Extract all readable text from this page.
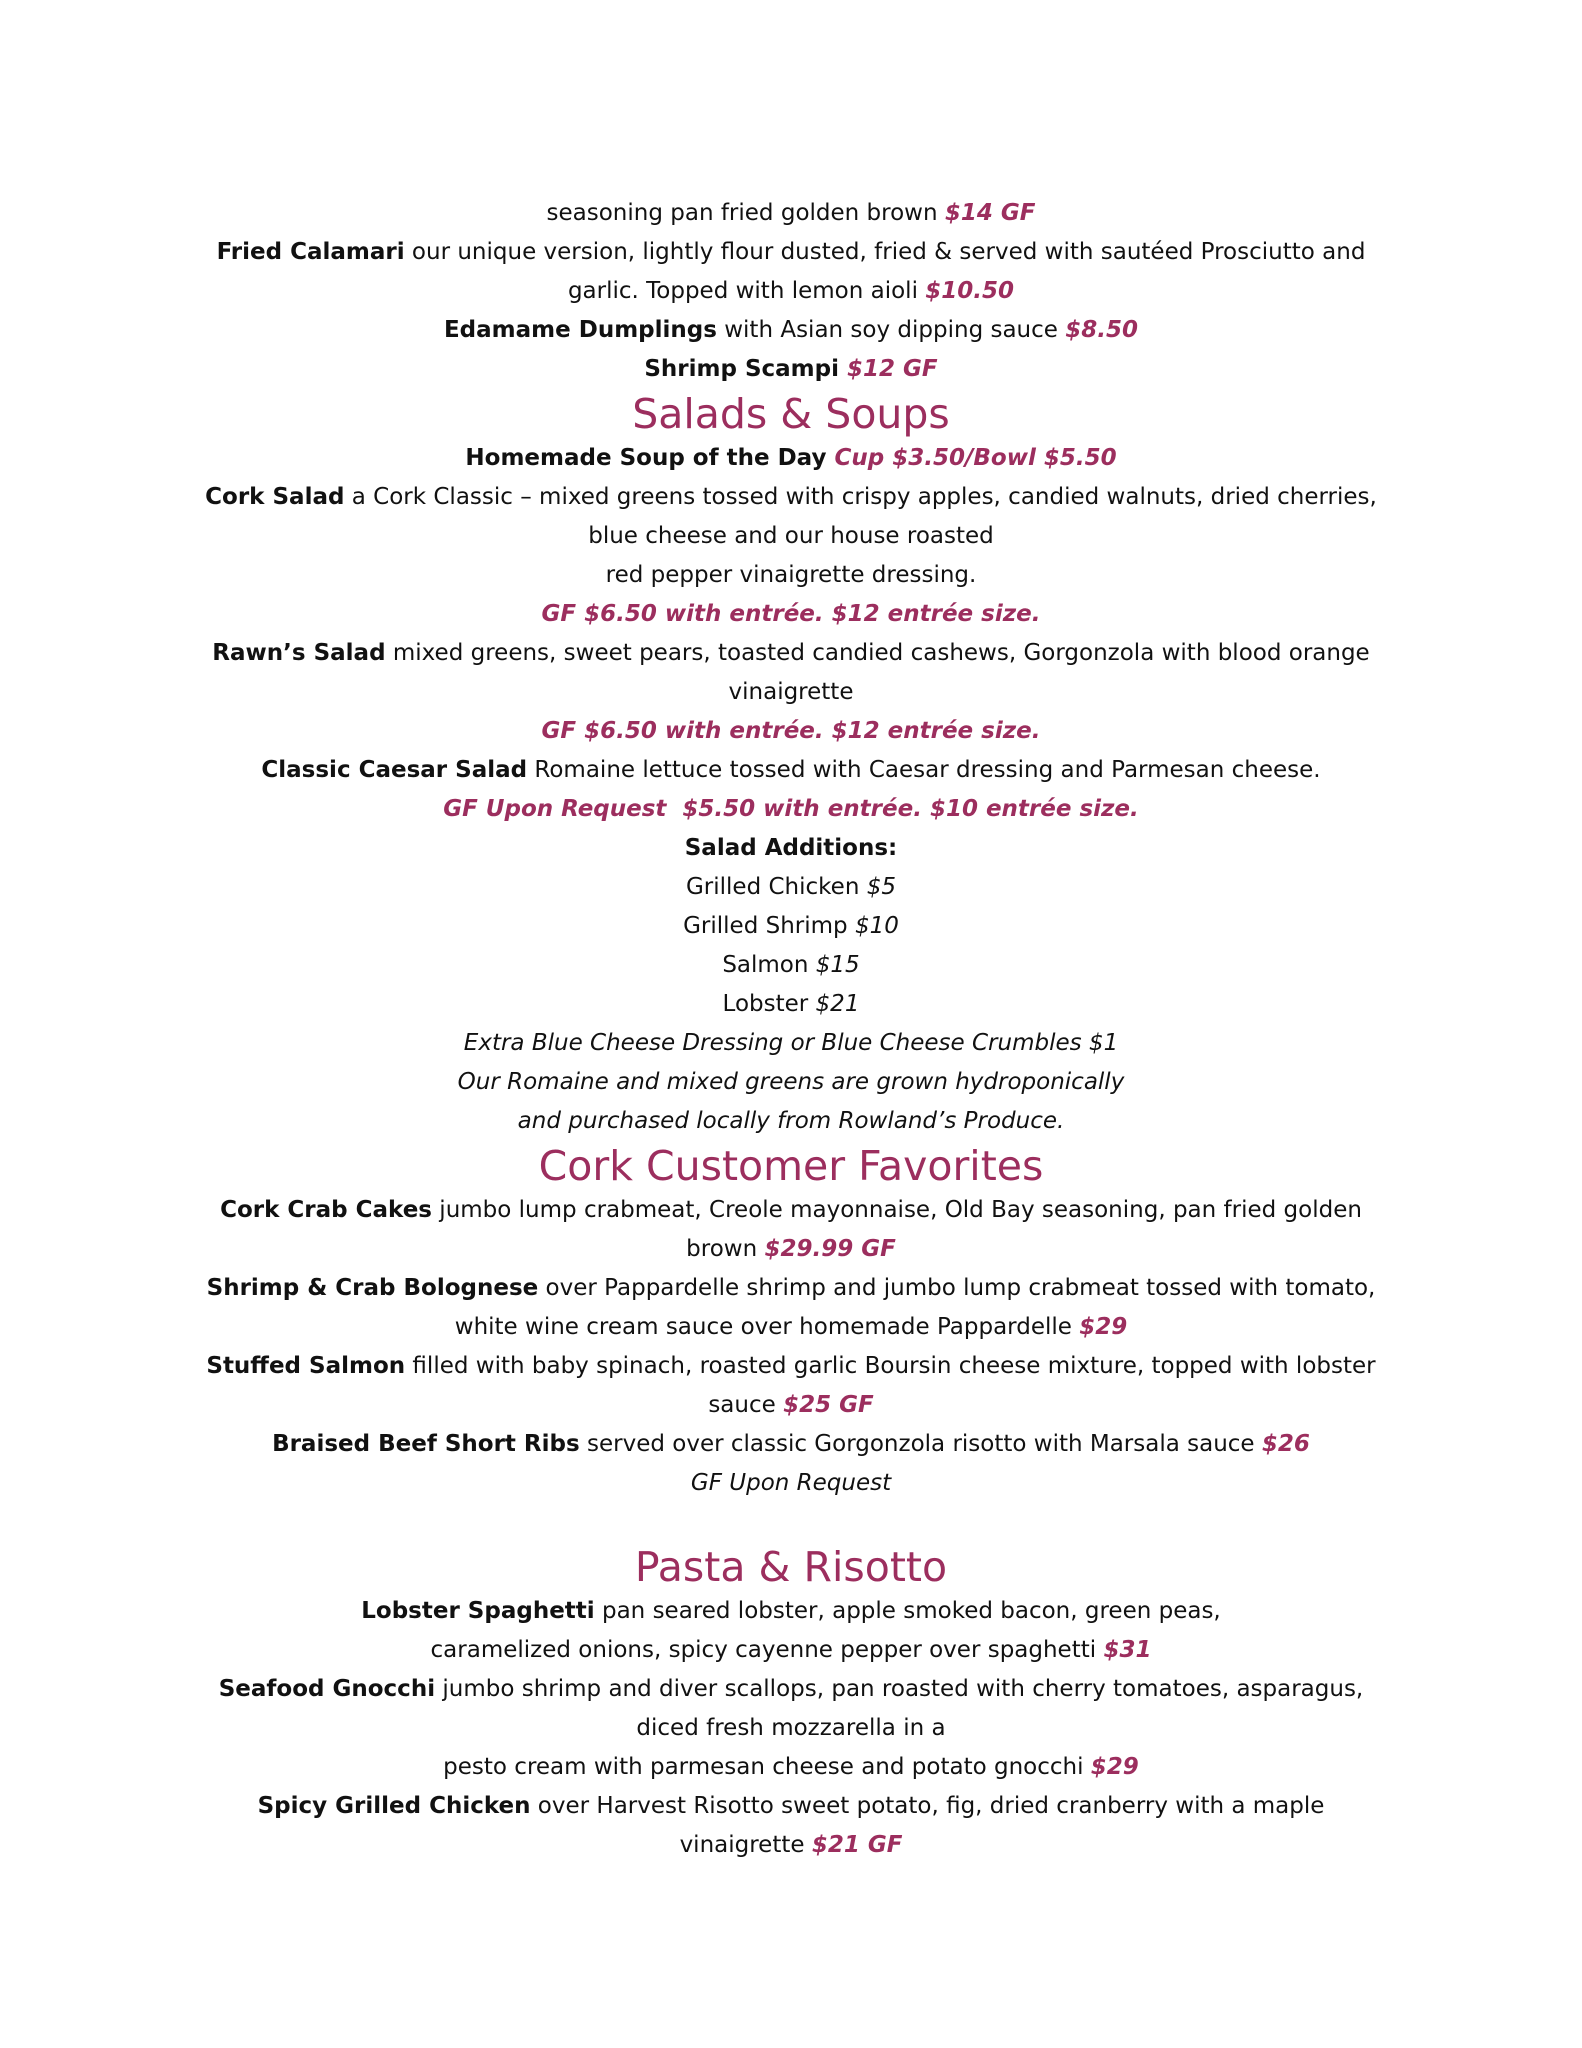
seasoning pan fried golden brown $14 GF
Fried Calamari our unique version, lightly flour dusted, fried & served with sautéed Prosciutto and
garlic. Topped with lemon aioli $10.50
Edamame Dumplings with Asian soy dipping sauce $8.50
Shrimp Scampi $12 GF
Salads & Soups
Homemade Soup of the Day Cup $3.50/Bowl $5.50
Cork Salad a Cork Classic – mixed greens tossed with crispy apples, candied walnuts, dried cherries,
blue cheese and our house roasted
red pepper vinaigrette dressing.
GF $6.50 with entrée. $12 entrée size.
Rawn’s Salad mixed greens, sweet pears, toasted candied cashews, Gorgonzola with blood orange
vinaigrette
GF $6.50 with entrée. $12 entrée size.
Classic Caesar Salad Romaine lettuce tossed with Caesar dressing and Parmesan cheese.
GF Upon Request  $5.50 with entrée. $10 entrée size.
Salad Additions:
Grilled Chicken $5
Grilled Shrimp $10
Salmon $15
Lobster $21
Extra Blue Cheese Dressing or Blue Cheese Crumbles $1
Our Romaine and mixed greens are grown hydroponically
and purchased locally from Rowland’s Produce.
Cork Customer Favorites
Cork Crab Cakes jumbo lump crabmeat, Creole mayonnaise, Old Bay seasoning, pan fried golden
brown $29.99 GF
Shrimp & Crab Bolognese over Pappardelle shrimp and jumbo lump crabmeat tossed with tomato,
white wine cream sauce over homemade Pappardelle $29
Stuffed Salmon filled with baby spinach, roasted garlic Boursin cheese mixture, topped with lobster
sauce $25 GF
Braised Beef Short Ribs served over classic Gorgonzola risotto with Marsala sauce $26
GF Upon Request
Pasta & Risotto
Lobster Spaghetti pan seared lobster, apple smoked bacon, green peas,
caramelized onions, spicy cayenne pepper over spaghetti $31
Seafood Gnocchi jumbo shrimp and diver scallops, pan roasted with cherry tomatoes, asparagus,
diced fresh mozzarella in a
pesto cream with parmesan cheese and potato gnocchi $29
Spicy Grilled Chicken over Harvest Risotto sweet potato, fig, dried cranberry with a maple
vinaigrette $21 GF
